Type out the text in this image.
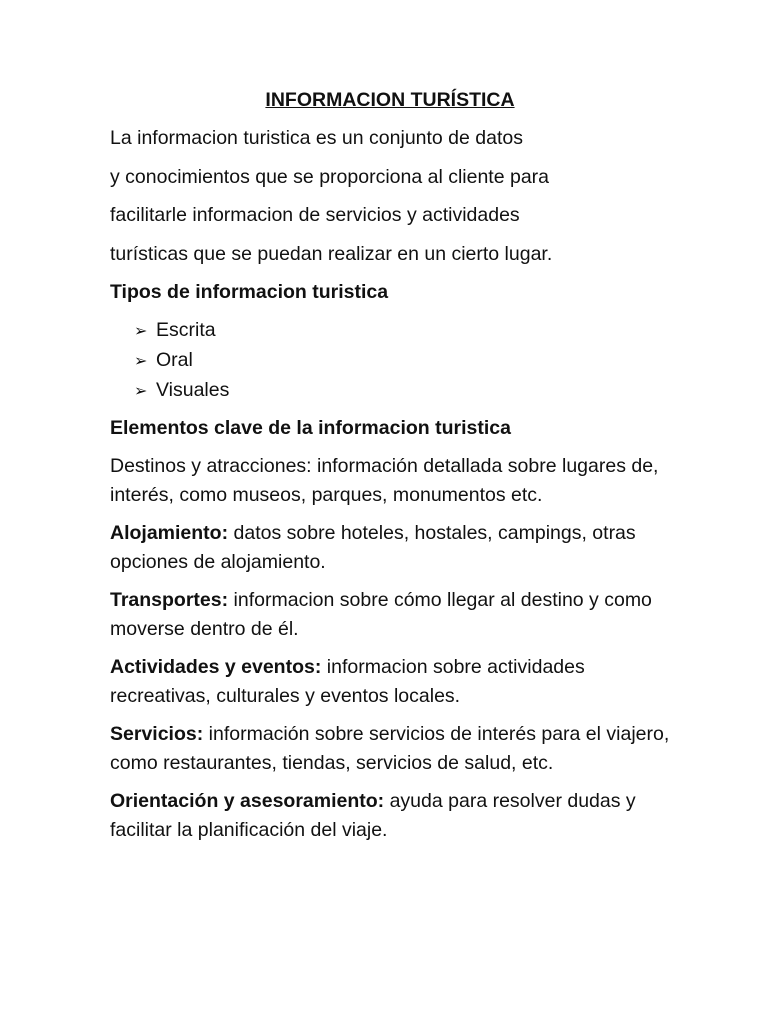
INFORMACION TURÍSTICA

La informacion turistica es un conjunto de datos

y conocimientos que se proporciona al cliente para

facilitarle informacion de servicios y actividades

turísticas que se puedan realizar en un cierto lugar.

Tipos de informacion turistica

➢ Escrita
➢ Oral
➢ Visuales

Elementos clave de la informacion turistica

Destinos y atracciones: información detallada sobre lugares de, interés, como museos, parques, monumentos etc.

Alojamiento: datos sobre hoteles, hostales, campings, otras opciones de alojamiento.

Transportes: informacion sobre cómo llegar al destino y como moverse dentro de él.

Actividades y eventos: informacion sobre actividades recreativas, culturales y eventos locales.

Servicios: información sobre servicios de interés para el viajero, como restaurantes, tiendas, servicios de salud, etc.

Orientación y asesoramiento: ayuda para resolver dudas y facilitar la planificación del viaje.
